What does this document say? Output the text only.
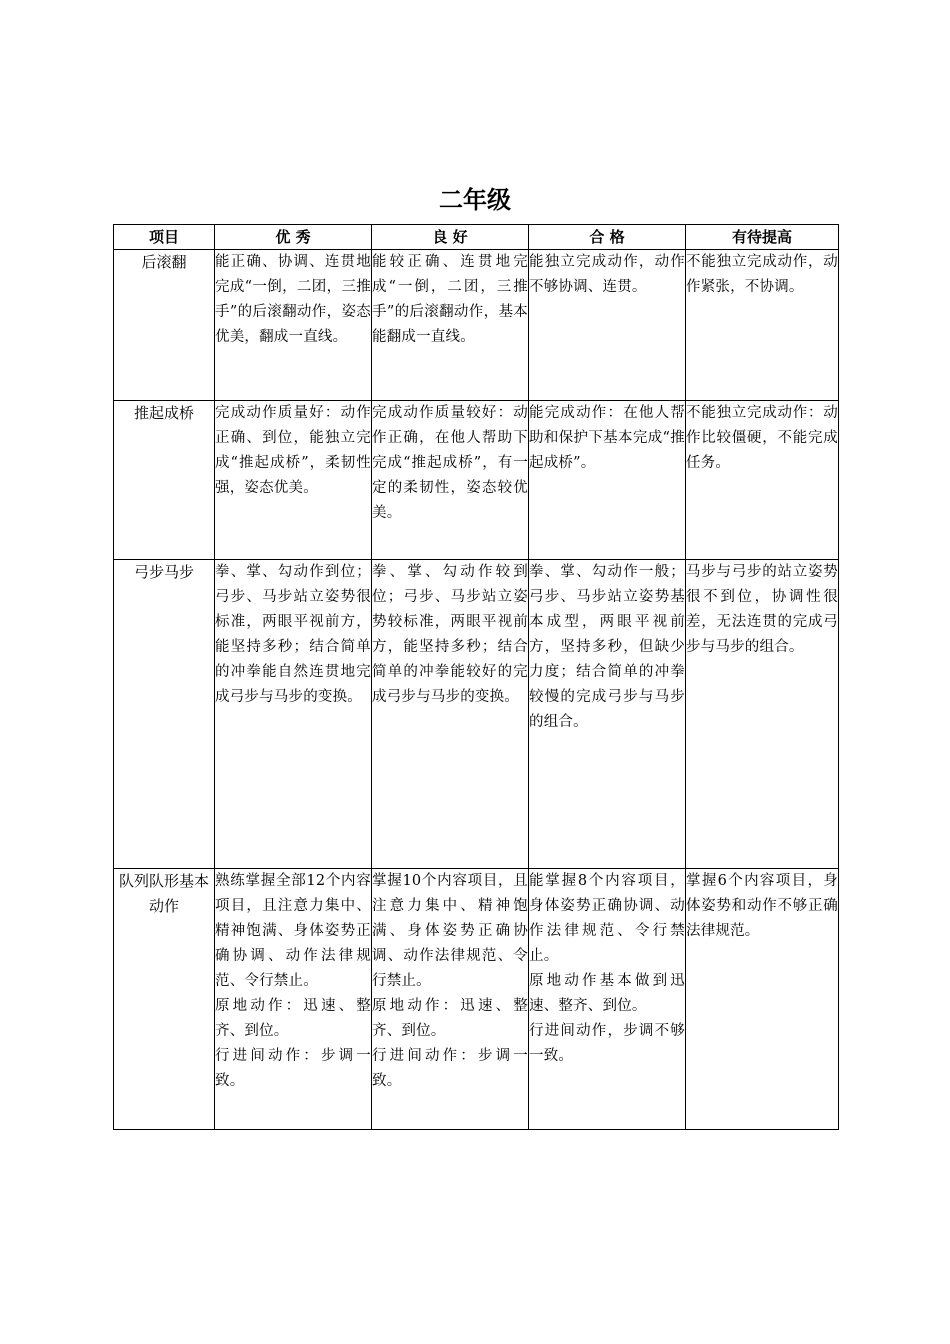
二年级
项目	优 秀	良 好	合 格	有待提高
后滚翻	能正确、协调、连贯地完成“一倒，二团，三推手”的后滚翻动作，姿态优美，翻成一直线。	能较正确、连贯地完成“一倒，二团，三推手”的后滚翻动作，基本能翻成一直线。	能独立完成动作，动作不够协调、连贯。	不能独立完成动作，动作紧张，不协调。

推起成桥	完成动作质量好：动作正确、到位，能独立完成“推起成桥”，柔韧性强，姿态优美。	完成动作质量较好：动作正确，在他人帮助下完成“推起成桥”，有一定的柔韧性，姿态较优美。	能完成动作：在他人帮助和保护下基本完成“推起成桥”。	不能独立完成动作：动作比较僵硬，不能完成任务。

弓步马步	拳、掌、勾动作到位；弓步、马步站立姿势很标准，两眼平视前方，能坚持多秒；结合简单的冲拳能自然连贯地完成弓步与马步的变换。	拳、掌、勾动作较到位；弓步、马步站立姿势较标准，两眼平视前方，能坚持多秒；结合简单的冲拳能较好的完成弓步与马步的变换。	拳、掌、勾动作一般；弓步、马步站立姿势基本成型，两眼平视前方，坚持多秒，但缺少力度；结合简单的冲拳较慢的完成弓步与马步的组合。	马步与弓步的站立姿势很不到位，协调性很差，无法连贯的完成弓步与马步的组合。

队列队形基本动作	熟练掌握全部12个内容项目，且注意力集中、精神饱满、身体姿势正确协调、动作法律规范、令行禁止。
原地动作：迅速、整齐、到位。
行进间动作：步调一致。	掌握10个内容项目，且注意力集中、精神饱满、身体姿势正确协调、动作法律规范、令行禁止。
原地动作：迅速、整齐、到位。
行进间动作：步调一致。	能掌握8个内容项目，身体姿势正确协调、动作法律规范、令行禁止。
原地动作基本做到迅速、整齐、到位。
行进间动作，步调不够一致。	掌握6个内容项目，身体姿势和动作不够正确法律规范。
